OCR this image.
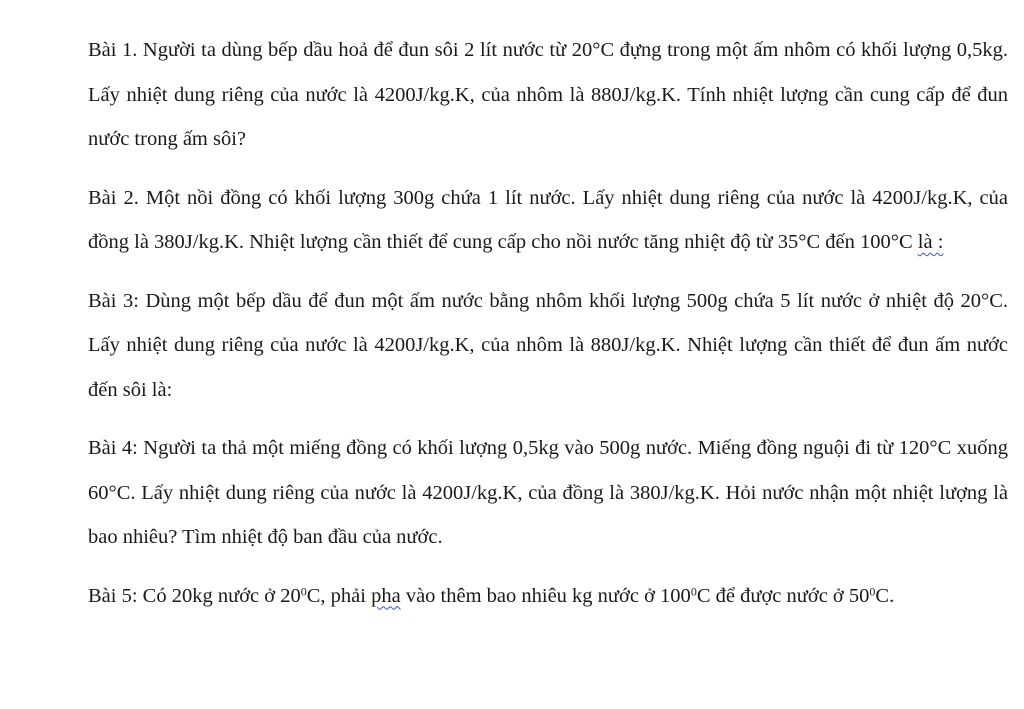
Bài 1. Người ta dùng bếp dầu hoả để đun sôi 2 lít nước từ 20°C đựng trong một ấm nhôm có khối lượng 0,5kg. Lấy nhiệt dung riêng của nước là 4200J/kg.K, của nhôm là 880J/kg.K. Tính nhiệt lượng cần cung cấp để đun nước trong ấm sôi?

Bài 2. Một nồi đồng có khối lượng 300g chứa 1 lít nước. Lấy nhiệt dung riêng của nước là 4200J/kg.K, của đồng là 380J/kg.K. Nhiệt lượng cần thiết để cung cấp cho nồi nước tăng nhiệt độ từ 35°C đến 100°C là :

Bài 3: Dùng một bếp dầu để đun một ấm nước bằng nhôm khối lượng 500g chứa 5 lít nước ở nhiệt độ 20°C. Lấy nhiệt dung riêng của nước là 4200J/kg.K, của nhôm là 880J/kg.K. Nhiệt lượng cần thiết để đun ấm nước đến sôi là:

Bài 4: Người ta thả một miếng đồng có khối lượng 0,5kg vào 500g nước. Miếng đồng nguội đi từ 120°C xuống 60°C. Lấy nhiệt dung riêng của nước là 4200J/kg.K, của đồng là 380J/kg.K. Hỏi nước nhận một nhiệt lượng là bao nhiêu? Tìm nhiệt độ ban đầu của nước.

Bài 5: Có 20kg nước ở $20^0C$, phải pha vào thêm bao nhiêu kg nước ở $100^0C$ để được nước ở $50^0C$.
